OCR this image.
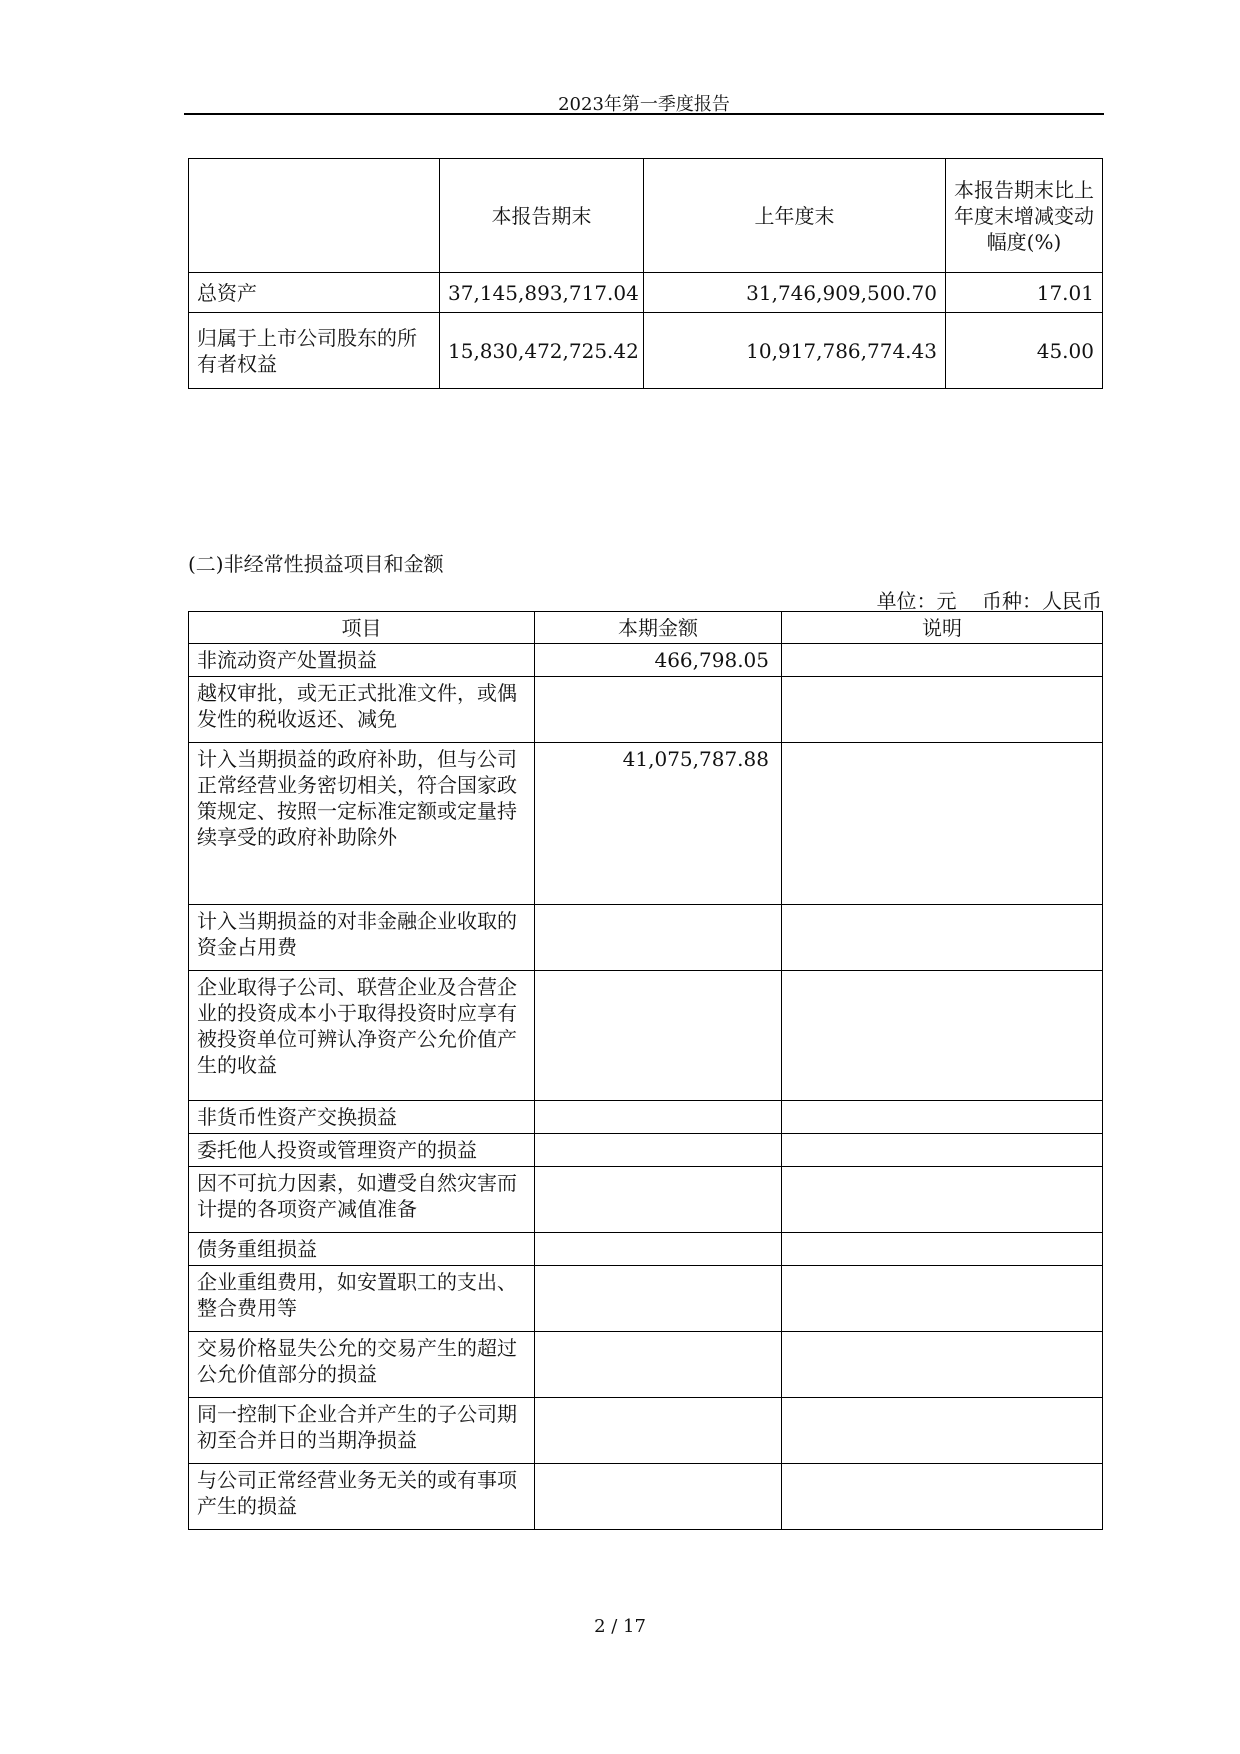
2023年第一季度报告
	本报告期末	上年度末	本报告期末比上年度末增减变动幅度(%)
总资产	37,145,893,717.04	31,746,909,500.70	17.01
归属于上市公司股东的所有者权益	15,830,472,725.42	10,917,786,774.43	45.00
(二)非经常性损益项目和金额
单位：元    币种：人民币
项目	本期金额	说明
非流动资产处置损益	466,798.05	
越权审批，或无正式批准文件，或偶发性的税收返还、减免		
计入当期损益的政府补助，但与公司正常经营业务密切相关，符合国家政策规定、按照一定标准定额或定量持续享受的政府补助除外	41,075,787.88	
计入当期损益的对非金融企业收取的资金占用费		
企业取得子公司、联营企业及合营企业的投资成本小于取得投资时应享有被投资单位可辨认净资产公允价值产生的收益		
非货币性资产交换损益		
委托他人投资或管理资产的损益		
因不可抗力因素，如遭受自然灾害而计提的各项资产减值准备		
债务重组损益		
企业重组费用，如安置职工的支出、整合费用等		
交易价格显失公允的交易产生的超过公允价值部分的损益		
同一控制下企业合并产生的子公司期初至合并日的当期净损益		
与公司正常经营业务无关的或有事项产生的损益		
2 / 17
